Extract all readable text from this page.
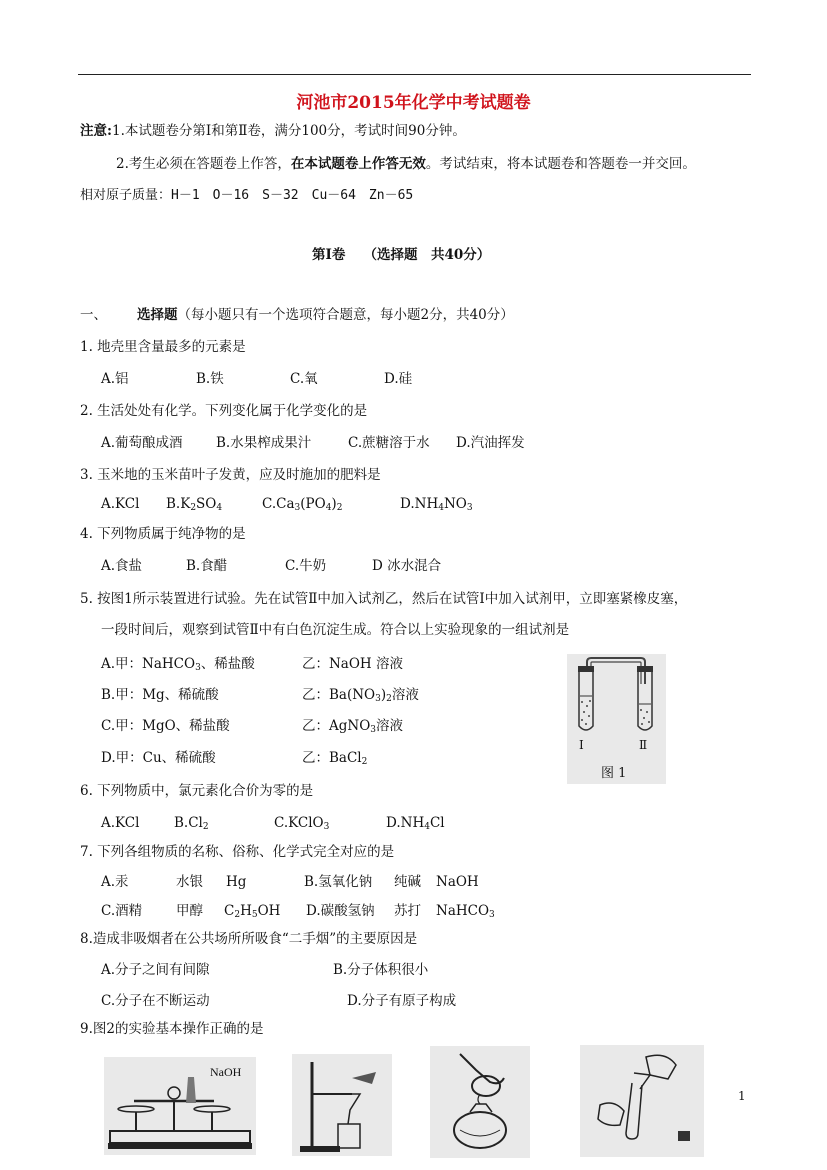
河池市2015年化学中考试题卷
注意:1.本试题卷分第Ⅰ和第Ⅱ卷，满分100分，考试时间90分钟。
2.考生必须在答题卷上作答，在本试题卷上作答无效。考试结束，将本试题卷和答题卷一并交回。
相对原子质量：H－1　O－16　S－32　Cu－64　Zn－65
第Ⅰ卷　 （选择题　共40分）
一、 选择题（每小题只有一个选项符合题意，每小题2分，共40分）
1. 地壳里含量最多的元素是
A.铝	B.铁	C.氧	D.硅
2. 生活处处有化学。下列变化属于化学变化的是
A.葡萄酿成酒 B.水果榨成果汁	C.蔗糖溶于水 D.汽油挥发
3. 玉米地的玉米苗叶子发黄，应及时施加的肥料是
A.KCl $B.K_2SO_4$	$C.Ca_3(PO_4)_2$	$D.NH_4NO_3$
4. 下列物质属于纯净物的是
A.食盐	B.食醋	C.牛奶	D 冰水混合
5. 按图1所示装置进行试验。先在试管Ⅱ中加入试剂乙，然后在试管Ⅰ中加入试剂甲，立即塞紧橡皮塞，
一段时间后，观察到试管Ⅱ中有白色沉淀生成。符合以上实验现象的一组试剂是
A.甲：NaHCO$_3$、稀盐酸	乙：NaOH 溶液
B.甲：Mg、稀硫酸	乙：$Ba(NO_3)_2$溶液
C.甲：MgO、稀盐酸	乙：AgNO$_3$溶液
D.甲：Cu、稀硫酸	乙：BaCl$_2$
Ⅰ	Ⅱ
图 1
6. 下列物质中，氯元素化合价为零的是
A.KCl	$B.Cl_2$	C.KClO$_3$	$D.NH_4Cl$
7. 下列各组物质的名称、俗称、化学式完全对应的是
A.汞	水银 Hg	B.氢氧化钠 纯碱 NaOH
C.酒精	甲醇 $C_2H_5OH$ D.碳酸氢钠 苏打 NaHCO$_3$
8.造成非吸烟者在公共场所所吸食“二手烟”的主要原因是
A.分子之间有间隙	B.分子体积很小
C.分子在不断运动	D.分子有原子构成
9.图2的实验基本操作正确的是
NaOH
1
